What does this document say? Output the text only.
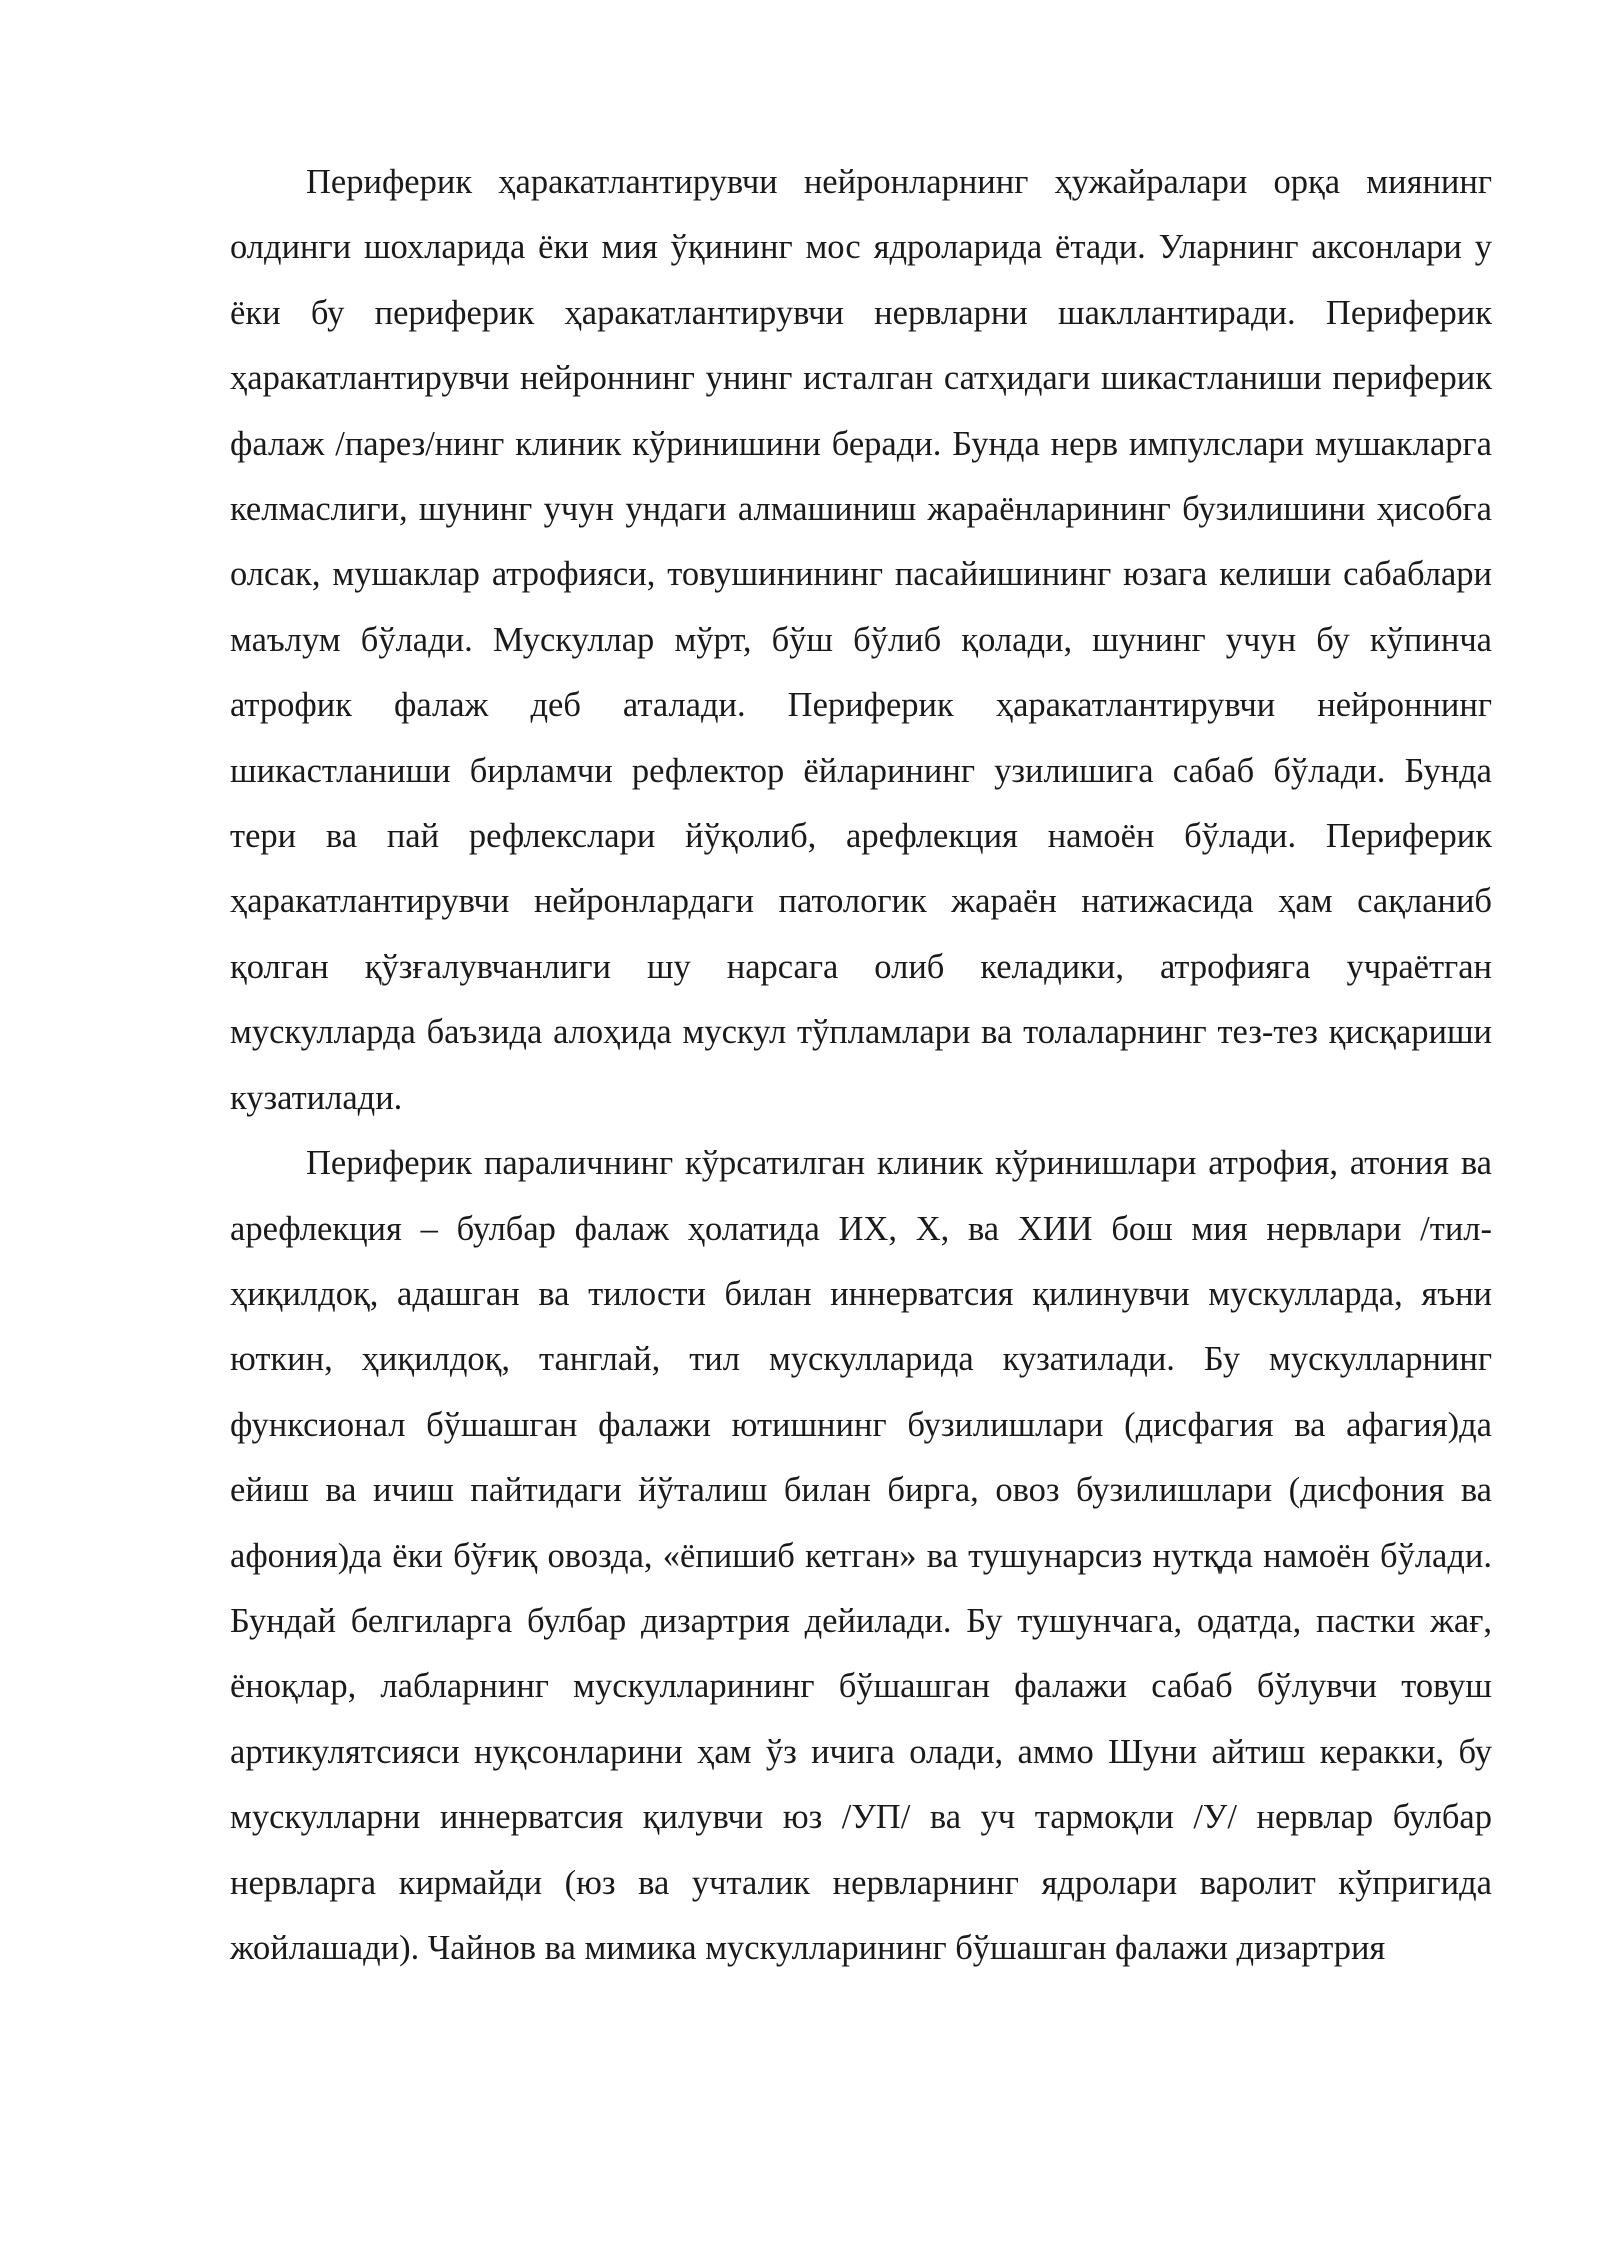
Периферик ҳаракатлантирувчи нейронларнинг ҳужайралари орқа миянинг олдинги шохларида ёки мия ўқининг мос ядроларида ётади. Уларнинг аксонлари у ёки бу периферик ҳаракатлантирувчи нервларни шакллантиради. Периферик ҳаракатлантирувчи нейроннинг унинг исталган сатҳидаги шикастланиши периферик фалаж /парез/нинг клиник кўринишини беради. Бунда нерв импулслари мушакларга келмаслиги, шунинг учун ундаги алмашиниш жараёнларининг бузилишини ҳисобга олсак, мушаклар атрофияси, товушинининг пасайишининг юзага келиши сабаблари маълум бўлади. Мускуллар мўрт, бўш бўлиб қолади, шунинг учун бу кўпинча атрофик фалаж деб аталади. Периферик ҳаракатлантирувчи нейроннинг шикастланиши бирламчи рефлектор ёйларининг узилишига сабаб бўлади. Бунда тери ва пай рефлекслари йўқолиб, арефлекция намоён бўлади. Периферик ҳаракатлантирувчи нейронлардаги патологик жараён натижасида ҳам сақланиб қолган қўзғалувчанлиги шу нарсага олиб келадики, атрофияга учраётган мускулларда баъзида алоҳида мускул тўпламлари ва толаларнинг тез-тез қисқариши кузатилади.

Периферик параличнинг кўрсатилган клиник кўринишлари атрофия, атония ва арефлекция – булбар фалаж ҳолатида ИХ, Х, ва ХИИ бош мия нервлари /тил-ҳиқилдоқ, адашган ва тилости билан иннерватсия қилинувчи мускулларда, яъни юткин, ҳиқилдоқ, танглай, тил мускулларида кузатилади. Бу мускулларнинг функсионал бўшашган фалажи ютишнинг бузилишлари (дисфагия ва афагия)да ейиш ва ичиш пайтидаги йўталиш билан бирга, овоз бузилишлари (дисфония ва афония)да ёки бўғиқ овозда, «ёпишиб кетган» ва тушунарсиз нутқда намоён бўлади. Бундай белгиларга булбар дизартрия дейилади. Бу тушунчага, одатда, пастки жағ, ёноқлар, лабларнинг мускулларининг бўшашган фалажи сабаб бўлувчи товуш артикулятсияси нуқсонларини ҳам ўз ичига олади, аммо Шуни айтиш керакки, бу мускулларни иннерватсия қилувчи юз /УП/ ва уч тармоқли /У/ нервлар булбар нервларга кирмайди (юз ва учталик нервларнинг ядролари варолит кўпригида жойлашади). Чайнов ва мимика мускулларининг бўшашган фалажи дизартрия
